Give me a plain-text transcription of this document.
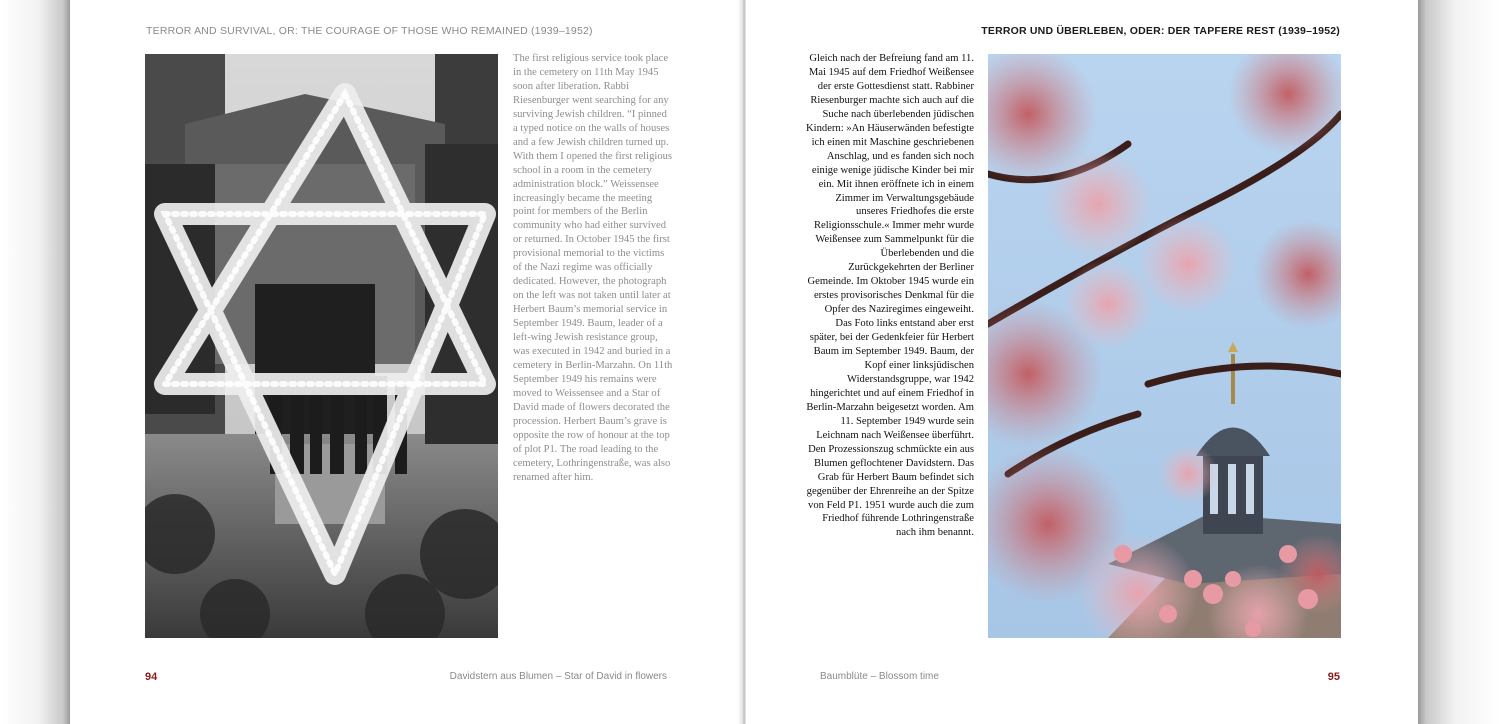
TERROR AND SURVIVAL, OR: THE COURAGE OF THOSE WHO REMAINED (1939–1952)
The first religious service took place in the cemetery on 11th May 1945 soon after liberation. Rabbi Riesenburger went searching for any surviving Jewish children. “I pinned a typed notice on the walls of houses and a few Jewish children turned up. With them I opened the first religious school in a room in the cemetery administration block.” Weissensee increasingly became the meeting point for members of the Berlin community who had either survived or returned. In October 1945 the first provisional memorial to the victims of the Nazi regime was officially dedicated. However, the photograph on the left was not taken until later at Herbert Baum’s memorial service in September 1949. Baum, leader of a left-wing Jewish resistance group, was executed in 1942 and buried in a cemetery in Berlin-Marzahn. On 11th September 1949 his remains were moved to Weissensee and a Star of David made of flowers decorated the procession. Herbert Baum’s grave is opposite the row of honour at the top of plot P1. The road leading to the cemetery, Lothringenstraße, was also renamed after him.
94	Davidstern aus Blumen – Star of David in flowers
TERROR UND ÜBERLEBEN, ODER: DER TAPFERE REST (1939–1952)
Gleich nach der Befreiung fand am 11. Mai 1945 auf dem Friedhof Weißensee der erste Gottesdienst statt. Rabbiner Riesenburger machte sich auch auf die Suche nach überlebenden jüdischen Kindern: »An Häuserwänden befestigte ich einen mit Maschine geschriebenen Anschlag, und es fanden sich noch einige wenige jüdische Kinder bei mir ein. Mit ihnen eröffnete ich in einem Zimmer im Verwaltungsgebäude unseres Friedhofes die erste Religionsschule.« Immer mehr wurde Weißensee zum Sammelpunkt für die Überlebenden und die Zurückgekehrten der Berliner Gemeinde. Im Oktober 1945 wurde ein erstes provisorisches Denkmal für die Opfer des Naziregimes eingeweiht. Das Foto links entstand aber erst später, bei der Gedenkfeier für Herbert Baum im September 1949. Baum, der Kopf einer linksjüdischen Widerstandsgruppe, war 1942 hingerichtet und auf einem Friedhof in Berlin-Marzahn beigesetzt worden. Am 11. September 1949 wurde sein Leichnam nach Weißensee überführt. Den Prozessionszug schmückte ein aus Blumen geflochtener Davidstern. Das Grab für Herbert Baum befindet sich gegenüber der Ehrenreihe an der Spitze von Feld P1. 1951 wurde auch die zum Friedhof führende Lothringenstraße nach ihm benannt.
Baumblüte – Blossom time	95
